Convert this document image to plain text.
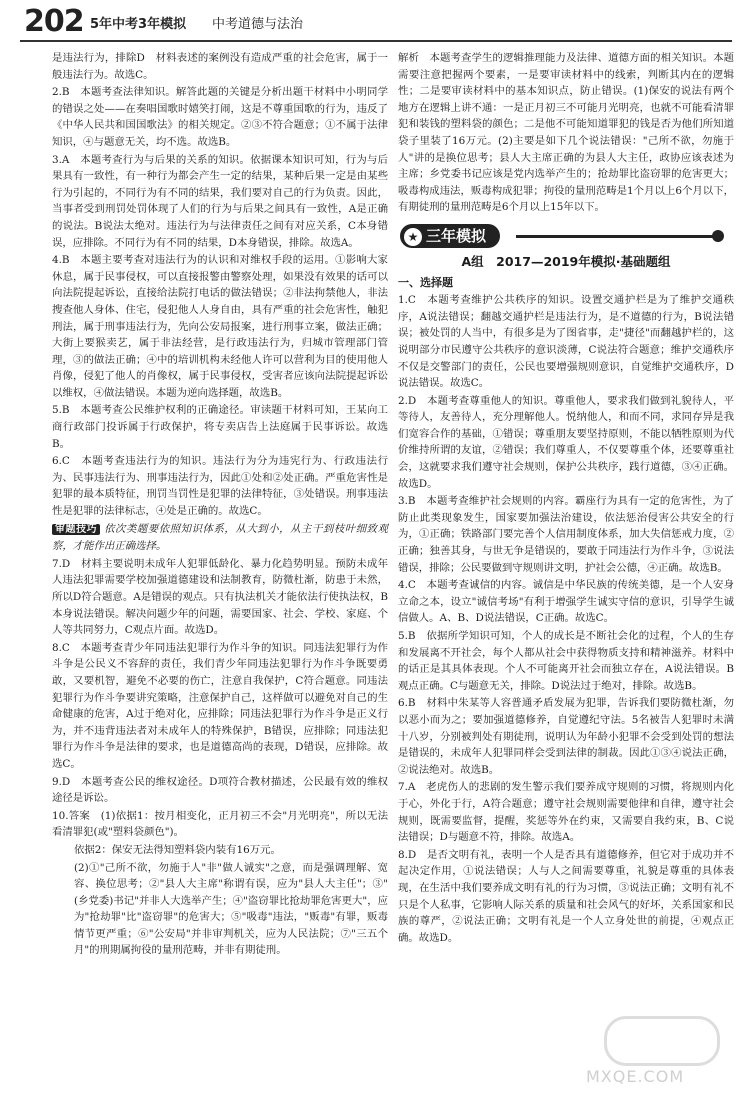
202 5年中考3年模拟 中考道德与法治

是违法行为，排除D　材料表述的案例没有造成严重的社会危害，属于一般违法行为。故选C。

2.B　本题考查法律知识。解答此题的关键是分析出题干材料中小明同学的错误之处——在奏唱国歌时嬉笑打闹，这是不尊重国歌的行为，违反了《中华人民共和国国歌法》的相关规定。②③不符合题意；①不属于法律知识，④与题意无关，均不选。故选B。

3.A　本题考查行为与后果的关系的知识。依据课本知识可知，行为与后果具有一致性，有一种行为都会产生一定的结果，某种后果一定是由某些行为引起的，不同行为有不同的结果，我们要对自己的行为负责。因此，当事者受到刑罚处罚体现了人们的行为与后果之间具有一致性，A是正确的说法。B说法太绝对。违法行为与法律责任之间有对应关系，C本身错误，应排除。不同行为有不同的结果，D本身错误，排除。故选A。

4.B　本题主要考查对违法行为的认识和对维权手段的运用。①影响大家休息，属于民事侵权，可以直接报警由警察处理，如果没有效果的话可以向法院提起诉讼，直接给法院打电话的做法错误；②非法拘禁他人，非法搜查他人身体、住宅，侵犯他人人身自由，具有严重的社会危害性，触犯刑法，属于刑事违法行为，先向公安局报案，进行刑事立案，做法正确；大街上要猴卖艺，属于非法经营，是行政违法行为，归城市管理部门管理，③的做法正确；④中的培训机构未经他人许可以营利为目的使用他人肖像，侵犯了他人的肖像权，属于民事侵权，受害者应该向法院提起诉讼以维权，④做法错误。本题为逆向选择题，故选B。

5.B　本题考查公民维护权利的正确途径。审读题干材料可知，王某向工商行政部门投诉属于行政保护，将专卖店告上法庭属于民事诉讼。故选B。

6.C　本题考查违法行为的知识。违法行为分为违宪行为、行政违法行为、民事违法行为、刑事违法行为，因此①处和②处正确。严重危害性是犯罪的最本质特征，刑罚当罚性是犯罪的法律特征，③处错误。刑事违法性是犯罪的法律标志，④处是正确的。故选C。

审题技巧 依次类题要依照知识体系，从大到小，从主干到枝叶细致观察，才能作出正确选择。

7.D　材料主要说明未成年人犯罪低龄化、暴力化趋势明显。预防未成年人违法犯罪需要学校加强道德建设和法制教育，防微杜渐，防患于未然，所以D符合题意。A是错误的观点。只有执法机关才能依法行使执法权，B本身说法错误。解决问题少年的问题，需要国家、社会、学校、家庭、个人等共同努力，C观点片面。故选D。

8.C　本题考查青少年同违法犯罪行为作斗争的知识。同违法犯罪行为作斗争是公民义不容辞的责任，我们青少年同违法犯罪行为作斗争既要勇敢，又要机智，避免不必要的伤亡，注意自我保护，C符合题意。同违法犯罪行为作斗争要讲究策略，注意保护自己，这样做可以避免对自己的生命健康的危害，A过于绝对化，应排除；同违法犯罪行为作斗争是正义行为，并不违背违法者对未成年人的特殊保护，B错误，应排除；同违法犯罪行为作斗争是法律的要求，也是道德高尚的表现，D错误，应排除。故选C。

9.D　本题考查公民的维权途径。D项符合教材描述，公民最有效的维权途径是诉讼。

10.答案　(1)依据1：按月相变化，正月初三不会"月光明亮"，所以无法看清罪犯(或"塑料袋颜色")。

依据2：保安无法得知塑料袋内装有16万元。

(2)①"己所不欲，勿施于人"非"做人诚实"之意，而是强调理解、宽容、换位思考；②"县人大主席"称谓有误，应为"县人大主任"；③"(乡党委)书记"并非人大选举产生；④"盗窃罪比抢劫罪危害更大"，应为"抢劫罪"比"盗窃罪"的危害大；⑤"吸毒"违法，"贩毒"有罪，贩毒情节更严重；⑥"公安局"并非审判机关，应为人民法院；⑦"三五个月"的刑期属拘役的量刑范畴，并非有期徒刑。

解析　本题考查学生的逻辑推理能力及法律、道德方面的相关知识。本题需要注意把握两个要素，一是要审读材料中的线索，判断其内在的逻辑性；二是要审读材料中的基本知识点，防止错误。(1)保安的说法有两个地方在逻辑上讲不通：一是正月初三不可能月光明亮，也就不可能看清罪犯和装钱的塑料袋的颜色；二是他不可能知道罪犯的钱是否为他们所知道袋子里装了16万元。(2)主要是如下几个说法错误："己所不欲，勿施于人"讲的是换位思考；县人大主席正确的为县人大主任，政协应该表述为主席；乡党委书记应该是党内选举产生的；抢劫罪比盗窃罪的危害更大；吸毒构成违法，贩毒构成犯罪；拘役的量刑范畴是1个月以上6个月以下，有期徒刑的量刑范畴是6个月以上15年以下。

★ 三年模拟
A组　2017—2019年模拟·基础题组
一、选择题

1.C　本题考查维护公共秩序的知识。设置交通护栏是为了维护交通秩序，A说法错误；翻越交通护栏是违法行为，是不道德的行为，B说法错误；被处罚的人当中，有很多是为了图省事，走"捷径"而翻越护栏的，这说明部分市民遵守公共秩序的意识淡薄，C说法符合题意；维护交通秩序不仅是交警部门的责任，公民也要增强规则意识，自觉维护交通秩序，D说法错误。故选C。

2.D　本题考查尊重他人的知识。尊重他人，要求我们做到礼貌待人，平等待人，友善待人，充分理解他人。悦纳他人，和而不同，求同存异是我们宽容合作的基础，①错误；尊重朋友要坚持原则，不能以牺牲原则为代价维持所谓的友谊，②错误；我们尊重人，不仅要尊重个体，还要尊重社会，这就要求我们遵守社会规则，保护公共秩序，践行道德，③④正确。故选D。

3.B　本题考查维护社会规则的内容。霸座行为具有一定的危害性，为了防止此类现象发生，国家要加强法治建设，依法惩治侵害公共安全的行为，①正确；铁路部门要完善个人信用制度体系，加大失信惩戒力度，②正确；独善其身，与世无争是错误的，要敢于同违法行为作斗争，③说法错误，排除；公民要做到守规则讲文明，护社会公德，④正确。故选B。

4.C　本题考查诚信的内容。诚信是中华民族的传统美德，是一个人安身立命之本，设立"诚信考场"有利于增强学生诚实守信的意识，引导学生诚信做人。A、B、D说法错误，C正确。故选C。

5.B　依据所学知识可知，个人的成长是不断社会化的过程，个人的生存和发展离不开社会，每个人都从社会中获得物质支持和精神滋养。材料中的话正是其具体表现。个人不可能离开社会而独立存在，A说法错误。B观点正确。C与题意无关，排除。D说法过于绝对，排除。故选B。

6.B　材料中朱某等人容普通矛盾发展为犯罪，告诉我们要防微杜渐，勿以恶小而为之；要加强道德修养，自觉遵纪守法。5名被告人犯罪时未满十八岁，分别被判处有期徒刑，说明认为年龄小犯罪不会受到处罚的想法是错误的，未成年人犯罪同样会受到法律的制裁。因此①③④说法正确，②说法绝对。故选B。

7.A　老虎伤人的悲剧的发生警示我们要养成守规则的习惯，将规则内化于心，外化于行，A符合题意；遵守社会规则需要他律和自律，遵守社会规则，既需要监督，提醒，奖惩等外在约束，又需要自我约束，B、C说法错误；D与题意不符，排除。故选A。

8.D　是否文明有礼，表明一个人是否具有道德修养，但它对于成功并不起决定作用，①说法错误；人与人之间需要尊重，礼貌是尊重的具体表现，在生活中我们要养成文明有礼的行为习惯，③说法正确；文明有礼不只是个人私事，它影响人际关系的质量和社会风气的好坏，关系国家和民族的尊严，②说法正确；文明有礼是一个人立身处世的前提，④观点正确。故选D。

MXQE.COM
